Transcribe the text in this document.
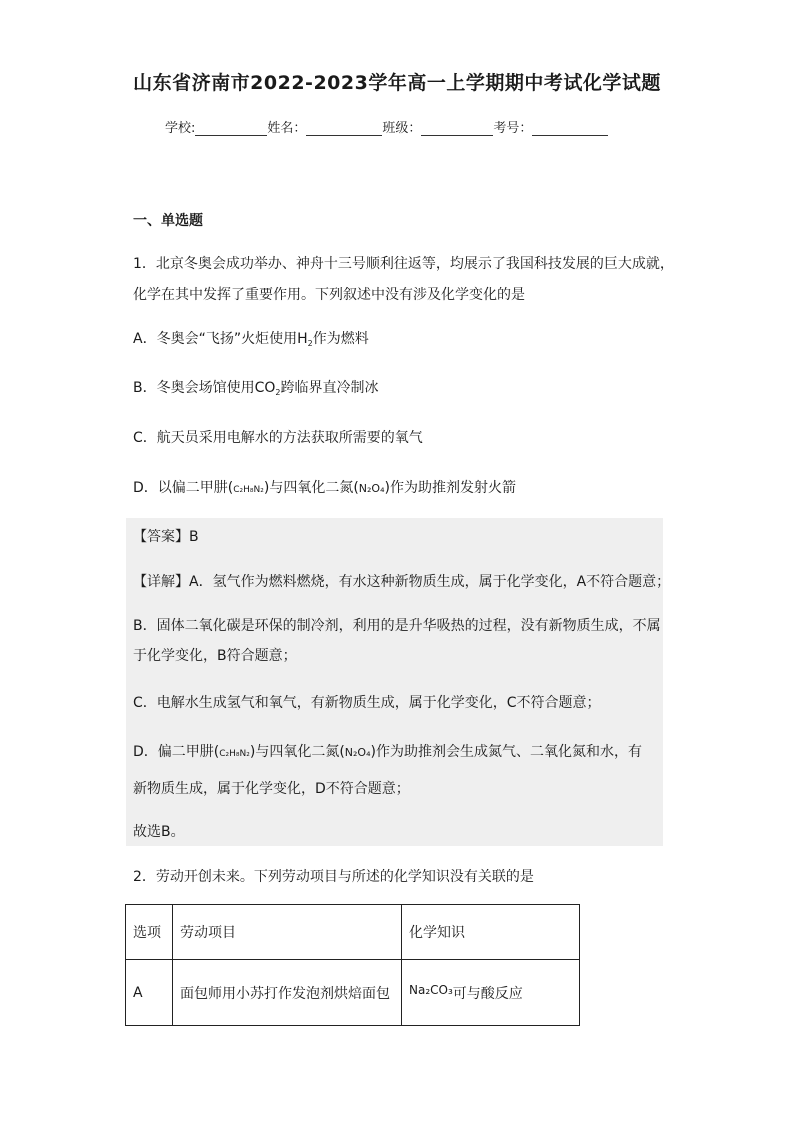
山东省济南市2022-2023学年高一上学期期中考试化学试题
学校:	姓名：	班级：	考号：
一、单选题
1．北京冬奥会成功举办、神舟十三号顺利往返等，均展示了我国科技发展的巨大成就，
化学在其中发挥了重要作用。下列叙述中没有涉及化学变化的是
A．冬奥会“飞扬”火炬使用$H_2$作为燃料
B．冬奥会场馆使用$CO_2$跨临界直冷制冰
C．航天员采用电解水的方法获取所需要的氧气
D．以偏二甲肼(C₂H₈N₂)与四氧化二氮(N₂O₄)作为助推剂发射火箭
【答案】B
【详解】A．氢气作为燃料燃烧，有水这种新物质生成，属于化学变化，A不符合题意；
B．固体二氧化碳是环保的制冷剂，利用的是升华吸热的过程，没有新物质生成，不属
于化学变化，B符合题意；
C．电解水生成氢气和氧气，有新物质生成，属于化学变化，C不符合题意；
D．偏二甲肼(C₂H₈N₂)与四氧化二氮(N₂O₄)作为助推剂会生成氮气、二氧化氮和水，有
新物质生成，属于化学变化，D不符合题意；
故选B。
2．劳动开创未来。下列劳动项目与所述的化学知识没有关联的是
选项	劳动项目	化学知识
A	面包师用小苏打作发泡剂烘焙面包	Na₂CO₃可与酸反应
